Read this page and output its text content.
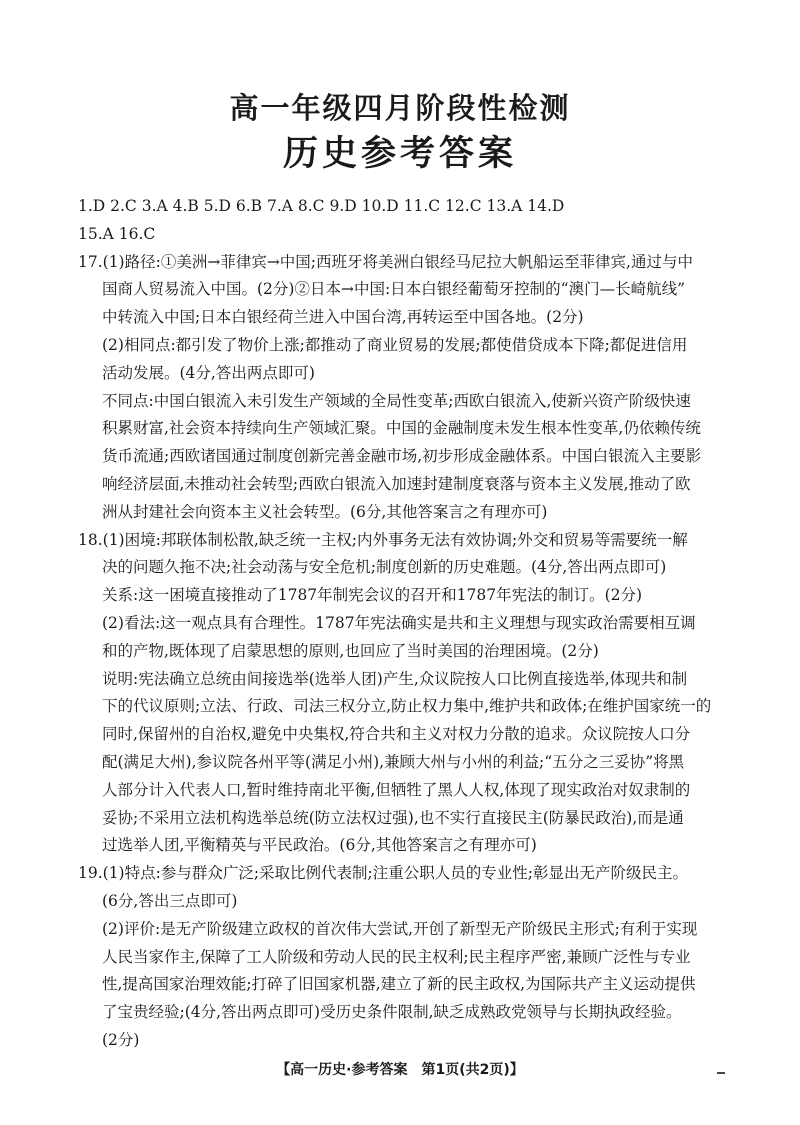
高一年级四月阶段性检测
历史参考答案
1.D 2.C 3.A 4.B 5.D 6.B 7.A 8.C 9.D 10.D 11.C 12.C 13.A 14.D
15.A 16.C
17.(1)路径:①美洲→菲律宾→中国;西班牙将美洲白银经马尼拉大帆船运至菲律宾,通过与中
国商人贸易流入中国。(2分)②日本→中国:日本白银经葡萄牙控制的“澳门—长崎航线”
中转流入中国;日本白银经荷兰进入中国台湾,再转运至中国各地。(2分)
(2)相同点:都引发了物价上涨;都推动了商业贸易的发展;都使借贷成本下降;都促进信用
活动发展。(4分,答出两点即可)
不同点:中国白银流入未引发生产领域的全局性变革;西欧白银流入,使新兴资产阶级快速
积累财富,社会资本持续向生产领域汇聚。中国的金融制度未发生根本性变革,仍依赖传统
货币流通;西欧诸国通过制度创新完善金融市场,初步形成金融体系。中国白银流入主要影
响经济层面,未推动社会转型;西欧白银流入加速封建制度衰落与资本主义发展,推动了欧
洲从封建社会向资本主义社会转型。(6分,其他答案言之有理亦可)
18.(1)困境:邦联体制松散,缺乏统一主权;内外事务无法有效协调;外交和贸易等需要统一解
决的问题久拖不决;社会动荡与安全危机;制度创新的历史难题。(4分,答出两点即可)
关系:这一困境直接推动了1787年制宪会议的召开和1787年宪法的制订。(2分)
(2)看法:这一观点具有合理性。1787年宪法确实是共和主义理想与现实政治需要相互调
和的产物,既体现了启蒙思想的原则,也回应了当时美国的治理困境。(2分)
说明:宪法确立总统由间接选举(选举人团)产生,众议院按人口比例直接选举,体现共和制
下的代议原则;立法、行政、司法三权分立,防止权力集中,维护共和政体;在维护国家统一的
同时,保留州的自治权,避免中央集权,符合共和主义对权力分散的追求。众议院按人口分
配(满足大州),参议院各州平等(满足小州),兼顾大州与小州的利益;“五分之三妥协”将黑
人部分计入代表人口,暂时维持南北平衡,但牺牲了黑人人权,体现了现实政治对奴隶制的
妥协;不采用立法机构选举总统(防立法权过强),也不实行直接民主(防暴民政治),而是通
过选举人团,平衡精英与平民政治。(6分,其他答案言之有理亦可)
19.(1)特点:参与群众广泛;采取比例代表制;注重公职人员的专业性;彰显出无产阶级民主。
(6分,答出三点即可)
(2)评价:是无产阶级建立政权的首次伟大尝试,开创了新型无产阶级民主形式;有利于实现
人民当家作主,保障了工人阶级和劳动人民的民主权利;民主程序严密,兼顾广泛性与专业
性,提高国家治理效能;打碎了旧国家机器,建立了新的民主政权,为国际共产主义运动提供
了宝贵经验;(4分,答出两点即可)受历史条件限制,缺乏成熟政党领导与长期执政经验。
(2分)
【高一历史·参考答案　第1页(共2页)】
